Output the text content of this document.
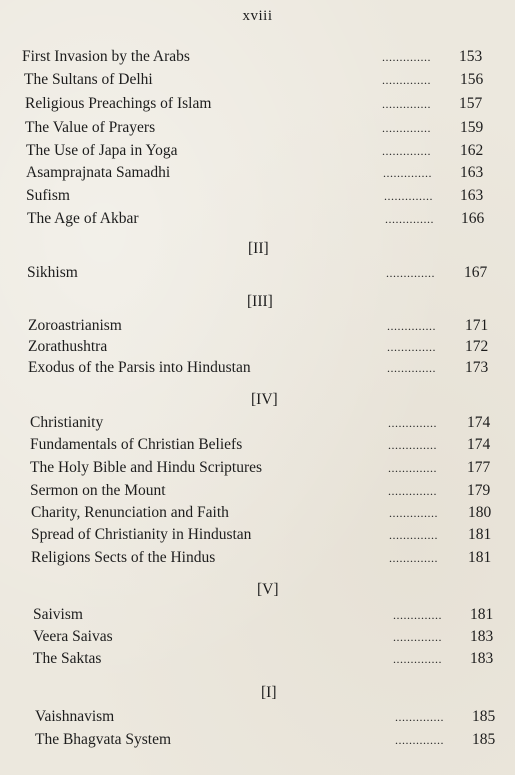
xviii
First Invasion by the Arabs	.............. 153
The Sultans of Delhi	.............. 156
Religious Preachings of Islam	.............. 157
The Value of Prayers	.............. 159
The Use of Japa in Yoga	.............. 162
Asamprajnata Samadhi	.............. 163
Sufism	.............. 163
The Age of Akbar	.............. 166
[II]
Sikhism	.............. 167
[III]
Zoroastrianism	.............. 171
Zorathushtra	.............. 172
Exodus of the Parsis into Hindustan	.............. 173
[IV]
Christianity	.............. 174
Fundamentals of Christian Beliefs	.............. 174
The Holy Bible and Hindu Scriptures	.............. 177
Sermon on the Mount	.............. 179
Charity, Renunciation and Faith	.............. 180
Spread of Christianity in Hindustan	.............. 181
Religions Sects of the Hindus	.............. 181
[V]
Saivism	.............. 181
Veera Saivas	.............. 183
The Saktas	.............. 183
[I]
Vaishnavism	.............. 185
The Bhagvata System	.............. 185
